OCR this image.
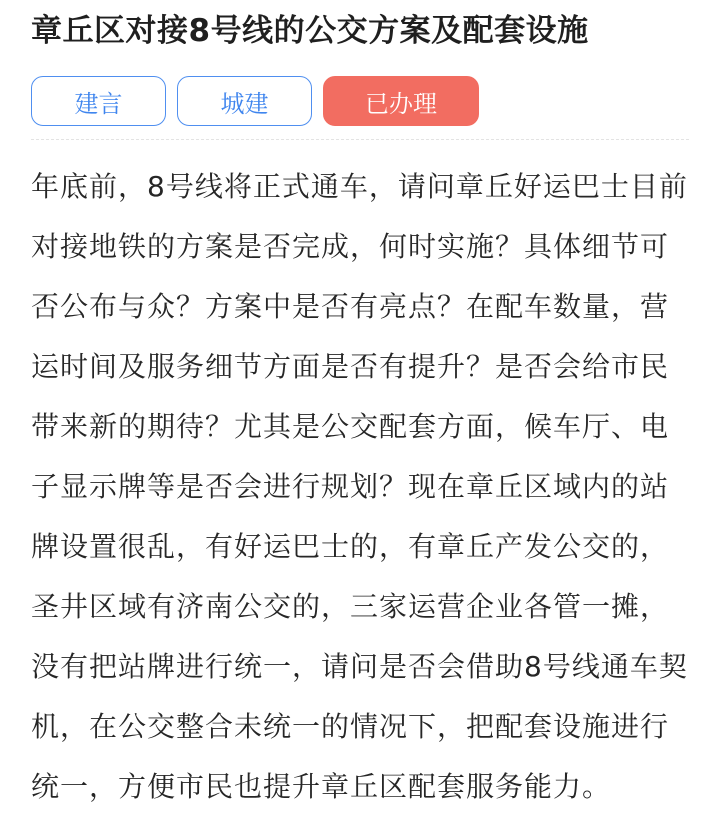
章丘区对接8号线的公交方案及配套设施
建言	城建	已办理

年底前，8号线将正式通车，请问章丘好运巴士目前对接地铁的方案是否完成，何时实施？具体细节可否公布与众？方案中是否有亮点？在配车数量，营运时间及服务细节方面是否有提升？是否会给市民带来新的期待？尤其是公交配套方面，候车厅、电子显示牌等是否会进行规划？现在章丘区域内的站牌设置很乱，有好运巴士的，有章丘产发公交的，圣井区域有济南公交的，三家运营企业各管一摊，没有把站牌进行统一，请问是否会借助8号线通车契机，在公交整合未统一的情况下，把配套设施进行统一，方便市民也提升章丘区配套服务能力。
